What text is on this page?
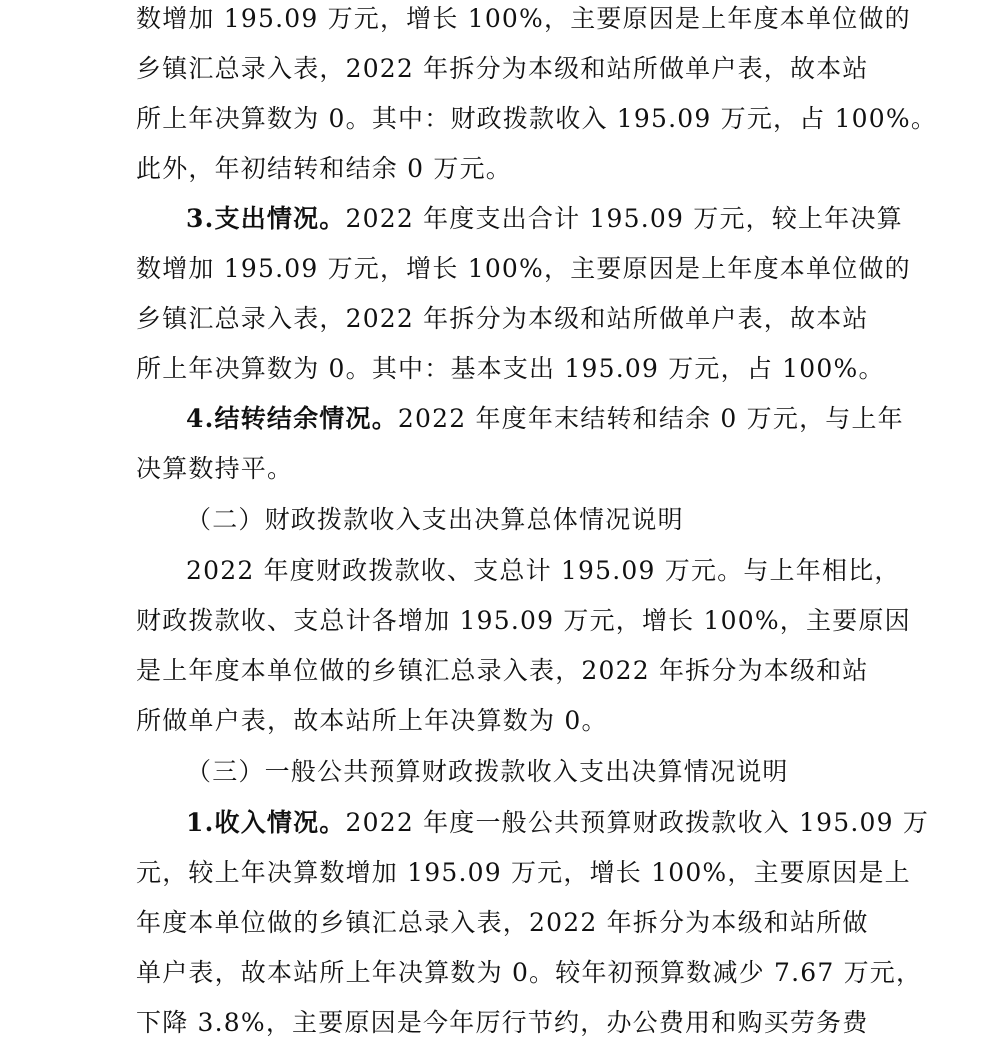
数增加 195.09 万元，增长 100%，主要原因是上年度本单位做的
乡镇汇总录入表，2022 年拆分为本级和站所做单户表，故本站
所上年决算数为 0。其中：财政拨款收入 195.09 万元，占 100%。
此外，年初结转和结余 0 万元。
3.支出情况。2022 年度支出合计 195.09 万元，较上年决算
数增加 195.09 万元，增长 100%，主要原因是上年度本单位做的
乡镇汇总录入表，2022 年拆分为本级和站所做单户表，故本站
所上年决算数为 0。其中：基本支出 195.09 万元，占 100%。
4.结转结余情况。2022 年度年末结转和结余 0 万元，与上年
决算数持平。
（二）财政拨款收入支出决算总体情况说明
2022 年度财政拨款收、支总计 195.09 万元。与上年相比，
财政拨款收、支总计各增加 195.09 万元，增长 100%，主要原因
是上年度本单位做的乡镇汇总录入表，2022 年拆分为本级和站
所做单户表，故本站所上年决算数为 0。
（三）一般公共预算财政拨款收入支出决算情况说明
1.收入情况。2022 年度一般公共预算财政拨款收入 195.09 万
元，较上年决算数增加 195.09 万元，增长 100%，主要原因是上
年度本单位做的乡镇汇总录入表，2022 年拆分为本级和站所做
单户表，故本站所上年决算数为 0。较年初预算数减少 7.67 万元，
下降 3.8%，主要原因是今年厉行节约，办公费用和购买劳务费
